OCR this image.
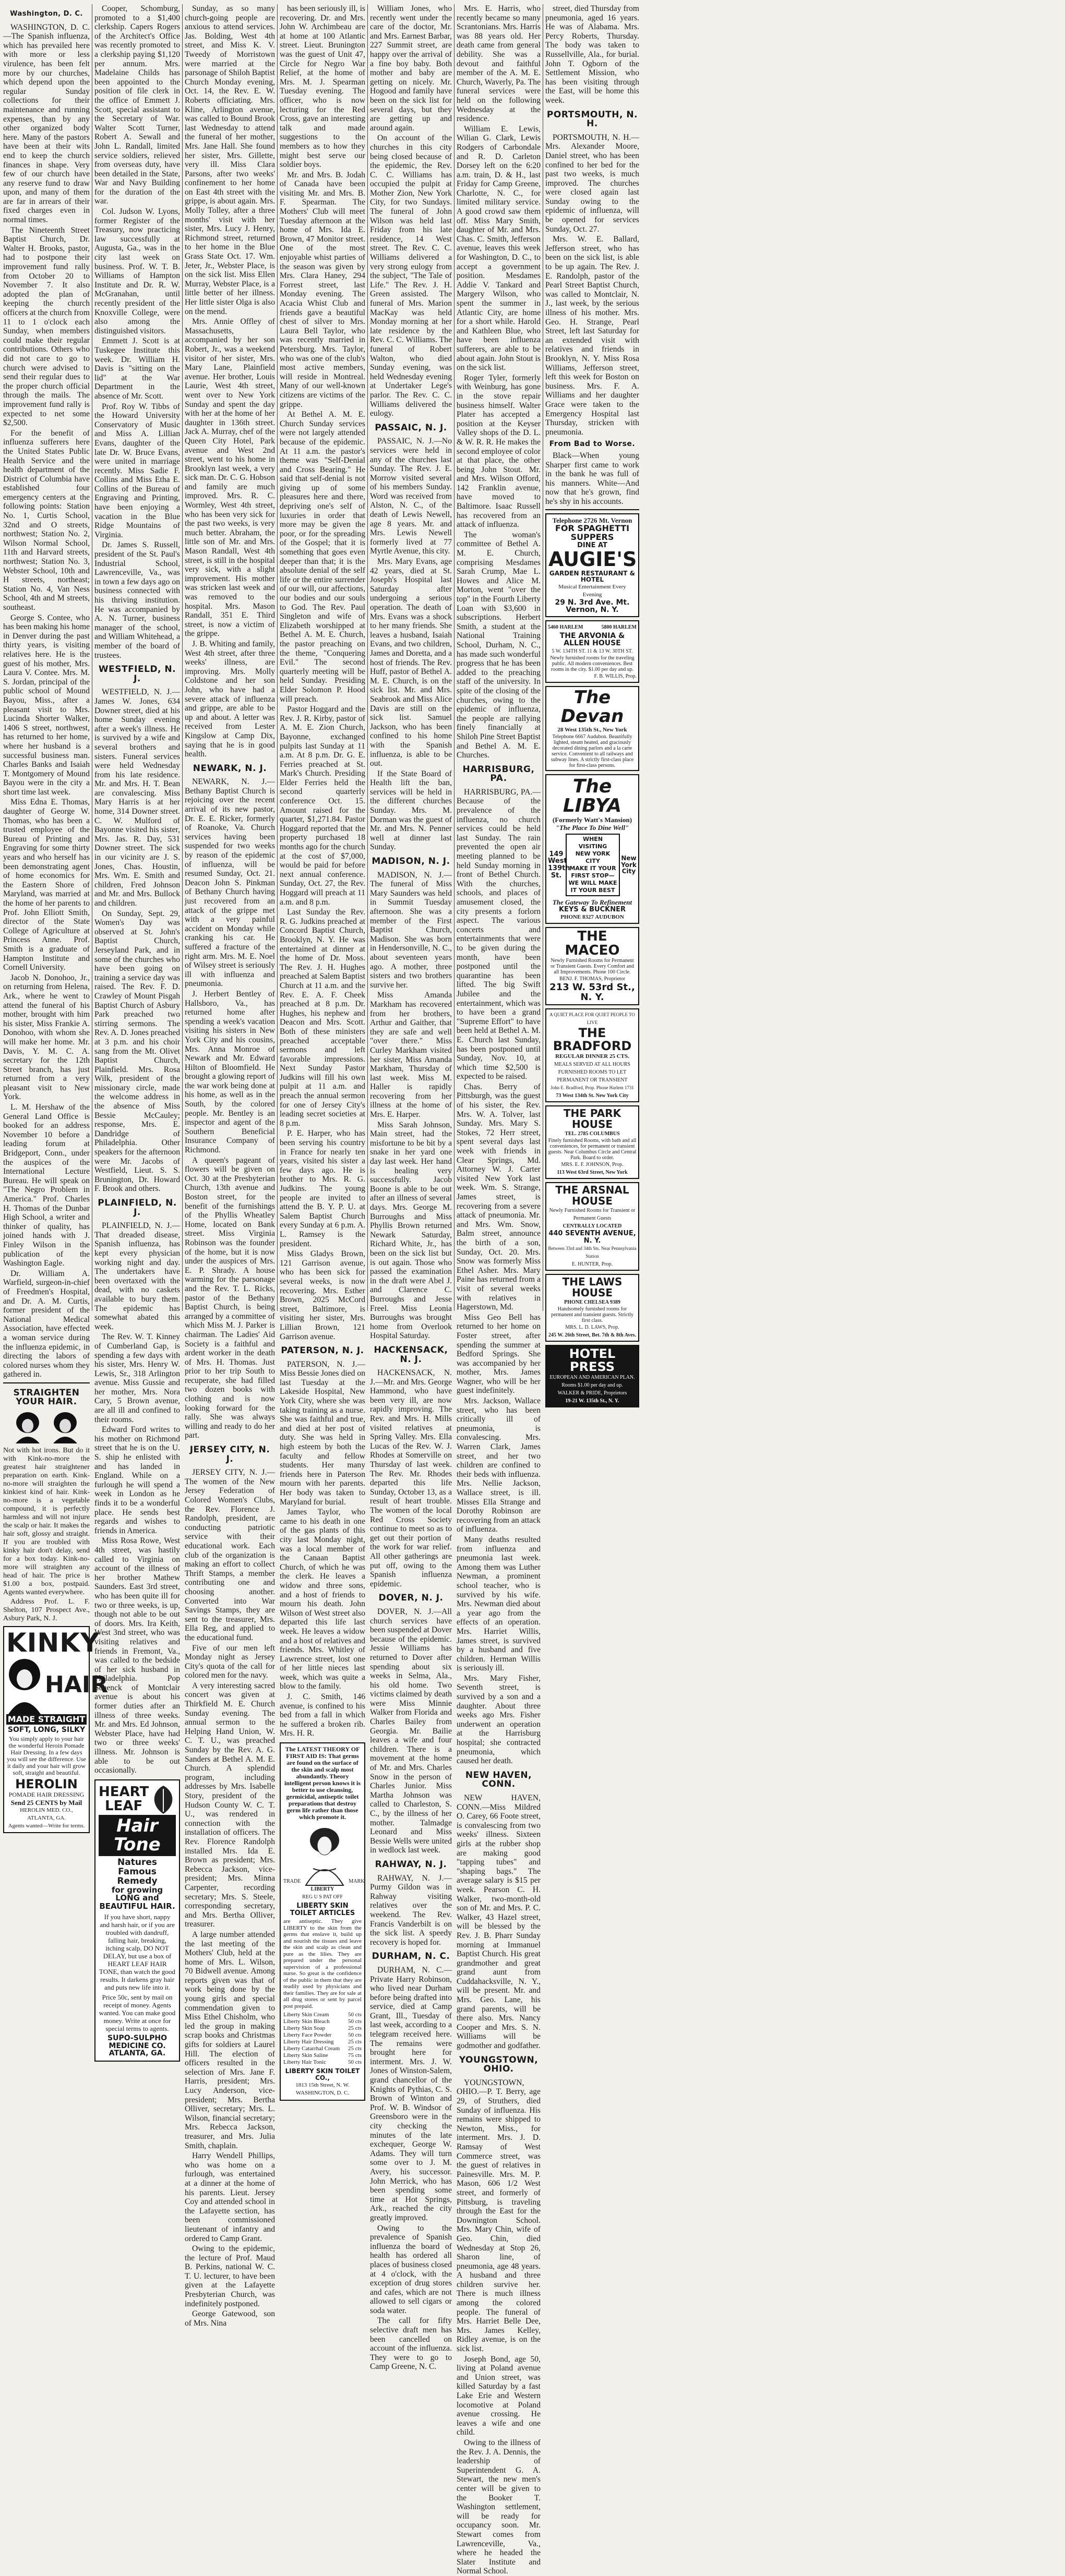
Washington, D. C.

WASHINGTON, D. C.—The Spanish influenza, which has prevailed here with more or less virulence, has been felt more by our churches, which depend upon the regular Sunday collections for their maintenance and running expenses, than by any other organized body here. Many of the pastors have been at their wits end to keep the church finances in shape. Very few of our church have any reserve fund to draw upon, and many of them are far in arrears of their fixed charges even in normal times.

The Nineteenth Street Baptist Church, Dr. Walter H. Brooks, pastor, had to postpone their improvement fund rally from October 20 to November 7. It also adopted the plan of keeping the church officers at the church from 11 to 1 o'clock each Sunday, when members could make their regular contributions. Others who did not care to go to church were advised to send their regular dues to the proper church official through the mails. The improvement fund rally is expected to net some $2,500.

For the benefit of influenza sufferers here the United States Public Health Service and the health department of the District of Columbia have established four emergency centers at the following points: Station No. 1, Curtis School, 32nd and O streets, northwest; Station No. 2, Wilson Normal School, 11th and Harvard streets, northwest; Station No. 3, Webster School, 10th and H streets, northeast; Station No. 4, Van Ness School, 4th and M streets, southeast.

George S. Contee, who has been making his home in Denver during the past thirty years, is visiting relatives here. He is the guest of his mother, Mrs. Laura V. Contee. Mrs. M. S. Jordan, principal of the public school of Mound Bayou, Miss., after a pleasant visit to Mrs. Lucinda Shorter Walker, 1406 S street, northwest, has returned to her home, where her husband is a successful business man. Charles Banks and Isaiah T. Montgomery of Mound Bayou were in the city a short time last week.

Miss Edna E. Thomas, daughter of George W. Thomas, who has been a trusted employee of the Bureau of Printing and Engraving for some thirty years and who herself has been demonstrating agent of home economics for the Eastern Shore of Maryland, was married at the home of her parents to Prof. John Elliott Smith, director of the State College of Agriculture at Princess Anne. Prof. Smith is a graduate of Hampton Institute and Cornell University.

Jacob N. Donohoo, Jr., on returning from Helena, Ark., where he went to attend the funeral of his mother, brought with him his sister, Miss Frankie A. Donohoo, with whom she will make her home. Mr. Davis, Y. M. C. A. secretary for the 12th Street branch, has just returned from a very pleasant visit to New York.

L. M. Hershaw of the General Land Office is booked for an address November 10 before a leading forum at Bridgeport, Conn., under the auspices of the International Lecture Bureau. He will speak on "The Negro Problem in America." Prof. Charles H. Thomas of the Dunbar High School, a writer and thinker of quality, has joined hands with J. Finley Wilson in the publication of the Washington Eagle.

Dr. William A. Warfield, surgeon-in-chief of Freedmen's Hospital, and Dr. A. M. Curtis, former president of the National Medical Association, have effected a woman service during the influenza epidemic, in directing the labors of colored nurses whom they gathered in.

STRAIGHTEN YOUR HAIR.

Not with hot irons. But do it with Kink-no-more the greatest hair straightener preparation on earth. Kink-no-more will straighten the kinkiest kind of hair. Kink-no-more is a vegetable compound, it is perfectly harmless and will not injure the scalp or hair. It makes the hair soft, glossy and straight. If you are troubled with kinky hair don't delay, send for a box today. Kink-no-more will straighten any head of hair. The price is $1.00 a box, postpaid. Agents wanted everywhere.

Address Prof. L. F. Shelton, 107 Prospect Ave., Asbury Park, N. J.

KINKY
HAIR
MADE STRAIGHT
SOFT, LONG, SILKY
You simply apply to your hair the wonderful Heroin Pomade Hair Dressing. In a few days you will see the difference. Use it daily and your hair will grow soft, straight and beautiful.
HEROLIN
POMADE HAIR DRESSING
Send 25 CENTS by Mail
HEROLIN MED. CO., ATLANTA, GA.
Agents wanted—Write for terms.

Cooper, Schomburg, promoted to a $1,400 clerkship. Capers Rogers of the Architect's Office was recently promoted to a clerkship paying $1,120 per annum. Mrs. Madelaine Childs has been appointed to the position of file clerk in the office of Emmett J. Scott, special assistant to the Secretary of War. Walter Scott Turner, Robert A. Sewall and John L. Randall, limited service soldiers, relieved from overseas duty, have been detailed in the State, War and Navy Building for the duration of the war.

Col. Judson W. Lyons, former Register of the Treasury, now practicing law successfully at Augusta, Ga., was in the city last week on business. Prof. W. T. B. Williams of Hampton Institute and Dr. R. W. McGranahan, until recently president of the Knoxville College, were also among the distinguished visitors.

Emmett J. Scott is at Tuskegee Institute this week. Dr. William H. Davis is "sitting on the lid" at the War Department in the absence of Mr. Scott.

Prof. Roy W. Tibbs of the Howard University Conservatory of Music and Miss A. Lillian Evans, daughter of the late Dr. W. Bruce Evans, were united in marriage recently. Miss Sadie F. Collins and Miss Etha E. Collins of the Bureau of Engraving and Printing, have been enjoying a vacation in the Blue Ridge Mountains of Virginia.

Dr. James S. Russell, president of the St. Paul's Industrial School, Lawrenceville, Va., was in town a few days ago on business connected with his thriving institution. He was accompanied by A. N. Turner, business manager of the school, and William Whitehead, a member of the board of trustees.

WESTFIELD, N. J.

WESTFIELD, N. J.—James W. Jones, 634 Downer street, died at his home Sunday evening after a week's illness. He is survived by a wife and several brothers and sisters. Funeral services were held Wednesday from his late residence. Mr. and Mrs. H. T. Bean are convalescing. Miss Mary Harris is at her home, 314 Downer street. C. W. Mulford of Bayonne visited his sister, Mrs. Jas. R. Day, 531 Downer street. The sick in our vicinity are J. S. Jones, Chas. Houstin, Mrs. Wm. E. Smith and children, Fred Johnson and Mr. and Mrs. Bullock and children.

On Sunday, Sept. 29, Women's Day was observed at St. John's Baptist Church, Jerseyland Park, and in some of the churches who have been going on training a service day was raised. The Rev. F. D. Crawley of Mount Pisgah Baptist Church of Asbury Park preached two stirring sermons. The Rev. A. D. Jones preached at 3 p.m. and his choir sang from the Mt. Olivet Baptist Church, Plainfield. Mrs. Rosa Wilk, president of the missionary circle, made the welcome address in the absence of Miss Bessie McCauley; response, Mrs. E. Dandridge of Philadelphia. Other speakers for the afternoon were Mr. Jacobs of Westfield, Lieut. S. S. Brunington, Dr. Howard F. Brook and others.

PLAINFIELD, N. J.

PLAINFIELD, N. J.—That dreaded disease, Spanish influenza, has kept every physician working night and day. The undertakers have been overtaxed with the dead, with no caskets available to bury them. The epidemic has somewhat abated this week.

The Rev. W. T. Kinney of Cumberland Gap, is spending a few days with his sister, Mrs. Henry W. Lewis, Sr., 318 Arlington avenue. Miss Gussie and her mother, Mrs. Nora Cary, 5 Brown avenue, are all ill and confined to their rooms.

Edward Ford writes to his mother on Richmond street that he is on the U. S. ship he enlisted with and has landed in England. While on a furlough he will spend a week in London as he finds it to be a wonderful place. He sends best regards and wishes to friends in America.

Miss Rosa Rowe, West 4th street, was hastily called to Virginia on account of the illness of her brother Mathew Saunders. East 3rd street, who has been quite ill for two or three weeks, is up, though not able to be out of doors. Mrs. Ira Keith, West 3nd street, who was visiting relatives and friends in Fremont, Va., was called to the bedside of her sick husband in Philadelphia. Pop Schenck of Montclair avenue is about his former duties after an illness of three weeks. Mr. and Mrs. Ed Johnson, Webster Place, have had two or three weeks' illness. Mr. Johnson is able to be out occasionally.

HEART
LEAF
Hair Tone
Natures Famous Remedy
for growing LONG and BEAUTIFUL HAIR.
If you have short, nappy and harsh hair, or if you are troubled with dandruff, falling hair, breaking, itching scalp, DO NOT DELAY, but use a box of HEART LEAF HAIR TONE, than watch the good results. It darkens gray hair and puts new life into it.
Price 50c, sent by mail on receipt of money. Agents wanted. You can make good money. Write at once for special terms to agents.
SUPO-SULPHO MEDICINE CO.
ATLANTA, GA.

Sunday, as so many church-going people are anxious to attend services. Jas. Bolding, West 4th street, and Miss K. V. Tweedy of Morristown were married at the parsonage of Shiloh Baptist Church Monday evening, Oct. 14, the Rev. E. W. Roberts officiating. Mrs. Kline, Arlington avenue, was called to Bound Brook last Wednesday to attend the funeral of her mother, Mrs. Jane Hall. She found her sister, Mrs. Gillette, very ill. Miss Clara Parsons, after two weeks' confinement to her home on East 4th street with the grippe, is about again. Mrs. Molly Tolley, after a three months' visit with her sister, Mrs. Lucy J. Henry, Richmond street, returned to her home in the Blue Grass State Oct. 17. Wm. Jeter, Jr., Webster Place, is on the sick list. Miss Ellen Murray, Webster Place, is a little better of her illness. Her little sister Olga is also on the mend.

Mrs. Annie Offley of Massachusetts, accompanied by her son Robert, Jr., was a weekend visitor of her sister, Mrs. Mary Lane, Plainfield avenue. Her brother, Louis Laurie, West 4th street, went over to New York Sunday and spent the day with her at the home of her daughter in 136th street. Jack A. Murray, chef of the Queen City Hotel, Park avenue and West 2nd street, went to his home in Brooklyn last week, a very sick man. Dr. C. G. Hobson and family are much improved. Mrs. R. C. Wormley, West 4th street, who has been very sick for the past two weeks, is very much better. Abraham, the little son of Mr. and Mrs. Mason Randall, West 4th street, is still in the hospital very sick, with a slight improvement. His mother was stricken last week and was removed to the hospital. Mrs. Mason Randall, 351 E. Third street, is now a victim of the grippe.

J. B. Whiting and family, West 4th street, after three weeks' illness, are improving. Mrs. Molly Coldstone and her son John, who have had a severe attack of influenza and grippe, are able to be up and about. A letter was received from Lester Kingslow at Camp Dix, saying that he is in good health.

NEWARK, N. J.

NEWARK, N. J.—Bethany Baptist Church is rejoicing over the recent arrival of its new pastor, Dr. E. E. Ricker, formerly of Roanoke, Va. Church services having been suspended for two weeks by reason of the epidemic of influenza, will be resumed Sunday, Oct. 21. Deacon John S. Pinkman of Bethany Church having just recovered from an attack of the grippe met with a very painful accident on Monday while cranking his car. He suffered a fracture of the right arm. Mrs. M. E. Noel of Wilsey street is seriously ill with influenza and pneumonia.

J. Herbert Bentley of Hallsboro, Va., has returned home after spending a week's vacation visiting his sisters in New York City and his cousins, Mrs. Anna Monroe of Newark and Mr. Edward Hilton of Bloomfield. He brought a glowing report of the war work being done at his home, as well as in the South, by the colored people. Mr. Bentley is an inspector and agent of the Southern Beneficial Insurance Company of Richmond.

A queen's pageant of flowers will be given on Oct. 30 at the Presbyterian Church, 13th avenue and Boston street, for the benefit of the furnishings of the Phyllis Wheatley Home, located on Bank street. Miss Virginia Robinson was the founder of the home, but it is now under the auspices of Mrs. E. P. Shrady. A house warming for the parsonage and the Rev. T. L. Ricks, pastor of the Bethany Baptist Church, is being arranged by a committee of which Miss M. J. Parker is chairman. The Ladies' Aid Society is a faithful and ardent worker in the death of Mrs. H. Thomas. Just prior to her trip South to recuperate, she had filled two dozen books with clothing and is now looking forward for the rally. She was always willing and ready to do her part.

JERSEY CITY, N. J.

JERSEY CITY, N. J.—The women of the New Jersey Federation of Colored Women's Clubs, the Rev. Florence J. Randolph, president, are conducting patriotic service with their educational work. Each club of the organization is making an effort to collect Thrift Stamps, a member contributing one and choosing another. Converted into War Savings Stamps, they are sent to the treasurer, Mrs. Ella Reg, and applied to the educational fund.

Five of our men left Monday night as Jersey City's quota of the call for colored men for the navy.

A very interesting sacred concert was given at Thirkfield M. E. Church Sunday evening. The annual sermon to the Helping Hand Union, W. C. T. U., was preached Sunday by the Rev. A. G. Sanders at Bethel A. M. E. Church. A splendid program, including addresses by Mrs. Isabelle Story, president of the Hudson County W. C. T. U., was rendered in connection with the installation of officers. The Rev. Florence Randolph installed Mrs. Ida E. Brown as president; Mrs. Rebecca Jackson, vice-president; Mrs. Minna Carpenter, recording secretary; Mrs. S. Steele, corresponding secretary, and Mrs. Bertha Olliver, treasurer.

A large number attended the last meeting of the Mothers' Club, held at the home of Mrs. L. Wilson, 70 Bidwell avenue. Among reports given was that of work being done by the young girls and special commendation given to Miss Ethel Chisholm, who led the group in making scrap books and Christmas gifts for soldiers at Laurel Hill. The election of officers resulted in the selection of Mrs. Jane F. Harris, president; Mrs. Lucy Anderson, vice-president; Mrs. Bertha Olliver, secretary; Mrs. L. Wilson, financial secretary; Mrs. Rebecca Jackson, treasurer, and Mrs. Julia Smith, chaplain.

Harry Wendell Phillips, who was home on a furlough, was entertained at a dinner at the home of his parents. Lieut. Jersey Coy and attended school in the Lafayette section, has been commissioned lieutenant of infantry and ordered to Camp Grant.

Owing to the epidemic, the lecture of Prof. Maud B. Perkins, national W. C. T. U. lecturer, to have been given at the Lafayette Presbyterian Church, was indefinitely postponed.

George Gatewood, son of Mrs. Nina

has been seriously ill, is recovering. Dr. and Mrs. John W. Archimbeau are at home at 100 Atlantic street. Lieut. Brunington was the guest of Unit 47, Circle for Negro War Relief, at the home of Mrs. M. J. Spearman Tuesday evening. The officer, who is now lecturing for the Red Cross, gave an interesting talk and made suggestions to the members as to how they might best serve our soldier boys.

Mr. and Mrs. B. Jodah of Canada have been visiting Mr. and Mrs. B. F. Spearman. The Mothers' Club will meet Tuesday afternoon at the home of Mrs. Ida E. Brown, 47 Monitor street. One of the most enjoyable whist parties of the season was given by Mrs. Clara Haney, 294 Forrest street, last Monday evening. The Acacia Whist Club and friends gave a beautiful chest of silver to Mrs. Laura Bell Taylor, who was recently married in Petersburg. Mrs. Taylor, who was one of the club's most active members, will reside in Montreal. Many of our well-known citizens are victims of the grippe.

At Bethel A. M. E. Church Sunday services were not largely attended because of the epidemic. At 11 a.m. the pastor's theme was "Self-Denial and Cross Bearing." He said that self-denial is not giving up of some pleasures here and there, depriving one's self of luxuries in order that more may be given the poor, or for the spreading of the Gospel; that it is something that goes even deeper than that; it is the absolute denial of the self life or the entire surrender of our will, our affections, our bodies and our souls to God. The Rev. Paul Singleton and wife of Elizabeth worshipped at Bethel A. M. E. Church, the pastor preaching on the theme, "Conquering Evil." The second quarterly meeting will be held Sunday. Presiding Elder Solomon P. Hood will preach.

Pastor Hoggard and the Rev. J. R. Kirby, pastor of A. M. E. Zion Church, Bayonne, exchanged pulpits last Sunday at 11 a.m. At 8 p.m. Dr. G. E. Ferries preached at St. Mark's Church. Presiding Elder Ferries held the second quarterly conference Oct. 15. Amount raised for the quarter, $1,271.84. Pastor Hoggard reported that the property purchased 18 months ago for the church at the cost of $7,000, would be paid for before next annual conference. Sunday, Oct. 27, the Rev. Hoggard will preach at 11 a.m. and 8 p.m.

Last Sunday the Rev. R. G. Judkins preached at Concord Baptist Church, Brooklyn, N. Y. He was entertained at dinner at the home of Dr. Moss. The Rev. J. H. Hughes preached at Salem Baptist Church at 11 a.m. and the Rev. E. A. F. Cheek preached at 8 p.m. Dr. Hughes, his nephew and Deacon and Mrs. Scott. Both of these ministers preached acceptable sermons and left favorable impressions. Next Sunday Pastor Judkins will fill his own pulpit at 11 a.m. and preach the annual sermon for one of Jersey City's leading secret societies at 8 p.m.

P. E. Harper, who has been serving his country in France for nearly ten years, visited his sister a few days ago. He is brother to Mrs. R. G. Judkins. The young people are invited to attend the B. Y. P. U. at Salem Baptist Church every Sunday at 6 p.m. A. L. Ramsey is the president.

Miss Gladys Brown, 121 Garrison avenue, who has been sick for several weeks, is now recovering. Mrs. Esther Brown, 2025 McCord street, Baltimore, is visiting her sister, Mrs. Lillian Brown, 121 Garrison avenue.

PATERSON, N. J.

PATERSON, N. J.—Miss Bessie Jones died on last Tuesday at the Lakeside Hospital, New York City, where she was taking training as a nurse. She was faithful and true, and died at her post of duty. She was held in high esteem by both the faculty and fellow students. Her many friends here in Paterson mourn with her parents. Her body was taken to Maryland for burial.

James Taylor, who came to his death in one of the gas plants of this city last Monday night, was a local member of the Canaan Baptist Church, of which he was the clerk. He leaves a widow and three sons, and a host of friends to mourn his death. John Wilson of West street also departed this life last week. He leaves a widow and a host of relatives and friends. Mrs. Whitley of Lawrence street, lost one of her little nieces last week, which was quite a blow to the family.

J. C. Smith, 146 avenue, is confined to his bed from a fall in which he suffered a broken rib. Mrs. H. R.

The LATEST THEORY OF FIRST AID IS: That germs are found on the surface of the skin and scalp most abundantly. Theory intelligent person knows it is better to use cleansing, germicidal, antiseptic toilet preparations that destroy germ life rather than those which promote it.
TRADE	MARK
LIBERTY
REG U S PAT OFF
LIBERTY SKIN TOILET ARTICLES
are antiseptic. They give LIBERTY to the skin from the germs that enslave it, build up and nourish the tissues and leave the skin and scalp as clean and pure as the lilies. They are prepared under the personal supervision of a professional nurse. So great is the confidence of the public in them that they are readily used by physicians and their families. They are for sale at all drug stores or sent by parcel post prepaid.
Liberty Skin Cream	50 cts
Liberty Skin Bleach	50 cts
Liberty Skin Soap	25 cts
Liberty Face Powder	50 cts
Liberty Hair Dressing 25 cts
Liberty Catarrhal Cream 25 cts
Liberty Skin Saline	75 cts
Liberty Hair Tonic	50 cts
LIBERTY SKIN TOILET CO.,
1813 15th Street, N. W.
WASHINGTON, D. C.

William Jones, who recently went under the care of the doctor, Mr. and Mrs. Earnest Barbar, 227 Summit street, are happy over the arrival of a fine boy baby. Both mother and baby are getting on nicely. Mr. Hogood and family have been on the sick list for several days, but they are getting up and around again.

On account of the churches in this city being closed because of the epidemic, the Rev. C. C. Williams has occupied the pulpit at Mother Zion, New York City, for two Sundays. The funeral of John Wilson was held last Friday from his late residence, 14 West street. The Rev. C. C. Williams delivered a very strong eulogy from the subject, "The Tale of Life." The Rev. J. H. Green assisted. The funeral of Mrs. Marion MacKay was held Monday morning at her late residence by the Rev. C. C. Williams. The funeral of Robert Walton, who died Sunday evening, was held Wednesday evening at Undertaker Lege's parlor. The Rev. C. C. Williams delivered the eulogy.

PASSAIC, N. J.

PASSAIC, N. J.—No services were held in any of the churches last Sunday. The Rev. J. E. Morrow visited several of his members Sunday. Word was received from Alston, N. C., of the death of Lewis Newell, age 8 years. Mr. and Mrs. Lewis Newell formerly lived at 77 Myrtle Avenue, this city.

Mrs. Mary Evans, age 42 years, died at St. Joseph's Hospital last Saturday after undergoing a serious operation. The death of Mrs. Evans was a shock to her many friends. She leaves a husband, Isaiah Evans, and two children, James and Doretta, and a host of friends. The Rev. Huff, pastor of Bethel A. M. E. Church, is on the sick list. Mr. and Mrs. Seabrook and Miss Alice Davis are still on the sick list. Samuel Jackson, who has been confined to his home with the Spanish influenza, is able to be out.

If the State Board of Health lift the ban, services will be held in the different churches Sunday. Mrs. M. Dorman was the guest of Mr. and Mrs. N. Penner well at dinner last Sunday.

MADISON, N. J.

MADISON, N. J.—The funeral of Miss Mary Saunders was held in Summit Tuesday afternoon. She was a member of the First Baptist Church, Madison. She was born in Hendersonville, N. C., about seventeen years ago. A mother, three sisters and two brothers survive her.

Miss Amanda Markham has recovered from her brothers, Arthur and Gaither, that they are safe and well "over there." Miss Curley Markham visited her sister, Miss Amanda Markham, Thursday of last week. Miss M. Haller is rapidly recovering from her illness at the home of Mrs. E. Harper.

Miss Sarah Johnson, Main street, had the misfortune to be bit by a snake in her yard one day last week. Her hand is healing very successfully. Jacob Boone is able to be out after an illness of several days. Mrs. George M. Burroughs and Miss Phyllis Brown returned Newark Saturday, Richard White, Jr., has been on the sick list but is out again. Those who passed the examination in the draft were Abel J. and Clarence C. Burroughs and Jesse Freel. Miss Leonia Burroughs was brought home from Overlook Hospital Saturday.

HACKENSACK, N. J.

HACKENSACK, N. J.—Mr. and Mrs. George Hammond, who have been very ill, are now rapidly improving. The Rev. and Mrs. H. Mills visited relatives at Spring Valley. Mrs. Ella Lucas of the Rev. W. J. Rhodes at Somerville on Thursday of last week. The Rev. Mr. Rhodes departed this life Sunday, October 13, as a result of heart trouble. The women of the local Red Cross Society continue to meet so as to get out their portion of the work for war relief. All other gatherings are put off, owing to the Spanish influenza epidemic.

DOVER, N. J.

DOVER, N. J.—All church services have been suspended at Dover because of the epidemic. Jessie Williams has returned to Dover after spending about six weeks in Selma, Ala., his old home. Two victims claimed by death were Miss Minnie Walker from Florida and Charles Bailey from Georgia. Mr. Bailie leaves a wife and four children. There is a movement at the home of Mr. and Mrs. Charles Snow in the person of Charles Junior. Miss Martha Johnson was called to Charleston, S. C., by the illness of her mother. Talmadge Leonard and Miss Bessie Wells were united in wedlock last week.

RAHWAY, N. J.

RAHWAY, N. J.—Purmy Gildon was in Rahway visiting relatives over the weekend. The Rev. Francis Vanderbilt is on the sick list. A speedy recovery is hoped for.

DURHAM, N. C.

DURHAM, N. C.—Private Harry Robinson, who lived near Durham before being drafted into service, died at Camp Grant, Ill., Tuesday of last week, according to a telegram received here. The remains were brought here for interment. Mrs. J. W. Jones of Winston-Salem, grand chancellor of the Knights of Pythias, C. S. Brown of Winton and Prof. W. B. Windsor of Greensboro were in the city checking the minutes of the late exchequer, George W. Adams. They will turn some over to J. M. Avery, his successor. John Merrick, who has been spending some time at Hot Springs, Ark., reached the city greatly improved.

Owing to the prevalence of Spanish influenza the board of health has ordered all places of business closed at 4 o'clock, with the exception of drug stores and cafes, which are not allowed to sell cigars or soda water.

The call for fifty selective draft men has been cancelled on account of the influenza. They were to go to Camp Greene, N. C.

Mrs. E. Harris, who recently became so many Scrantonians. Mrs. Harris was 88 years old. Her death came from general debility. She was a devout and faithful member of the A. M. E. Church, Waverly, Pa. The funeral services were held on the following Wednesday at the residence.

William E. Lewis, Wilian G. Clark, Lewis Rodgers of Carbondale and R. D. Carleton Dorsey left on the 6:20 a.m. train, D. & H., last Friday for Camp Greene, Charlotte, N. C., for limited military service. A good crowd saw them off. Miss Mary Smith, daughter of Mr. and Mrs. Chas. C. Smith, Jefferson avenue, leaves this week for Washington, D. C., to accept a government position. Mesdames Addie V. Tankard and Margery Wilson, who spent the summer in Atlantic City, are home for a short while. Harold and Kathleen Blue, who have been influenza sufferers, are able to be about again. John Stout is on the sick list.

Roger Tyler, formerly with Weinburg, has gone in the stove repair business himself. Walter Plater has accepted a position at the Keyser Valley shops of the D. L. & W. R. R. He makes the second employee of color at that place, the other being John Stout. Mr. and Mrs. Wilson Offord, 142 Franklin avenue, have moved to Baltimore. Isaac Russell has recovered from an attack of influenza.

The woman's committee of Bethel A. M. E. Church, comprising Mesdames Sarah Crump, Mae L. Howes and Alice M. Morton, went "over the top" in the Fourth Liberty Loan with $3,600 in subscriptions. Herbert Smith, a student at the National Training School, Durham, N. C., has made such wonderful progress that he has been added to the preaching staff of the university. In spite of the closing of the churches, owing to the epidemic of influenza, the people are rallying finely financially at Shiloh Pine Street Baptist and Bethel A. M. E. Churches.

HARRISBURG, PA.

HARRISBURG, PA.—Because of the prevalence of the influenza, no church services could be held last Sunday. The rain prevented the open air meeting planned to be held Sunday morning in front of Bethel Church. With the churches, schools, and places of amusement closed, the city presents a forlorn aspect. The various concerts and entertainments that were to be given during the month, have been postponed until the quarantine has been lifted. The big Swift Jubilee and the entertainment, which was to have been a grand "Supreme Effort" to have been held at Bethel A. M. E. Church last Sunday, has been postponed until Sunday, Nov. 10, at which time $2,500 is expected to be raised.

Chas. Berry of Pittsburgh, was the guest of his sister, the Rev. Mrs. W. A. Tolver, last Sunday. Mrs. Mary S. Stokes, 72 Herr street, spent several days last week with friends in Clear Springs, Md. Attorney W. J. Carter visited New York last week. Wm. S. Strange, James street, is recovering from a severe attack of pneumonia. Mr. and Mrs. Wm. Snow, Balm street, announce the birth of a son, Sunday, Oct. 20. Mrs. Snow was formerly Miss Ethel Asher. Mrs. Mary Paine has returned from a visit of several weeks with relatives in Hagerstown, Md.

Miss Geo Bell has returned to her home on Foster street, after spending the summer at Bedford Springs. She was accompanied by her mother, Mrs. James Wagner, who will be her guest indefinitely.

Mrs. Jackson, Wallace street, who has been critically ill of pneumonia, is convalescing. Mrs. Warren Clark, James street, and her two children are confined to their beds with influenza. Mrs. Nellie Jackson, Wallace street, is ill. Misses Ella Strange and Dorothy Robinson are recovering from an attack of influenza.

Many deaths resulted from influenza and pneumonia last week. Among them was Luther Newman, a prominent school teacher, who is survived by his wife. Mrs. Newman died about a year ago from the effects of an operation. Mrs. Harriet Willis, James street, is survived by a husband and five children. Herman Willis is seriously ill.

Mrs. Mary Fisher, Seventh street, is survived by a son and a daughter. About three weeks ago Mrs. Fisher underwent an operation at the Harrisburg hospital; she contracted pneumonia, which caused her death.

NEW HAVEN, CONN.

NEW HAVEN, CONN.—Miss Mildred O. Carey, 66 Foote street, is convalescing from two weeks' illness. Sixteen girls at the rubber shop are making good "tapping tubes" and "shaping bags." The average salary is $15 per week. Pearson C. H. Walker, two-month-old son of Mr. and Mrs. P. C. Walker, 43 Hazel street, will be blessed by the Rev. J. B. Pharr Sunday morning at Immanuel Baptist Church. His great grandmother and great grand aunt from Cuddahacksville, N. Y., will be present. Mr. and Mrs. Geo. Lane, his grand parents, will be there also. Mrs. Nancy Cooper and Mrs. S. N. Williams will be godmother and godfather.

YOUNGSTOWN, OHIO.

YOUNGSTOWN, OHIO.—P. T. Berry, age 29, of Struthers, died Sunday of influenza. His remains were shipped to Newton, Miss., for interment. Mrs. J. D. Ramsay of West Commerce street, was the guest of relatives in Painesville. Mrs. M. P. Mason, 606 1/2 West street, and formerly of Pittsburg, is traveling through the East for the Downington School. Mrs. Mary Chin, wife of Geo. Chin, died Wednesday at Stop 26, Sharon line, of pneumonia, age 48 years. A husband and three children survive her. There is much illness among the colored people. The funeral of Mrs. Harriet Belle Dee, Mrs. James Kelley, Ridley avenue, is on the sick list.

Joseph Bond, age 50, living at Poland avenue and Union street, was killed Saturday by a fast Lake Erie and Western locomotive at Poland avenue crossing. He leaves a wife and one child.

Owing to the illness of the Rev. J. A. Dennis, the leadership of Superintendent G. A. Stewart, the new men's center will be given to the Booker T. Washington settlement, will be ready for occupancy soon. Mr. Stewart comes from Lawrenceville, Va., where he headed the Slater Institute and Normal School.

street, died Thursday from pneumonia, aged 16 years. He was of Alabama. Mrs. Percy Roberts, Thursday. The body was taken to Russellville, Ala., for burial. John T. Ogborn of the Settlement Mission, who has been visiting through the East, will be home this week.

PORTSMOUTH, N. H.

PORTSMOUTH, N. H.—Mrs. Alexander Moore, Daniel street, who has been confined to her bed for the past two weeks, is much improved. The churches were closed again last Sunday owing to the epidemic of influenza, will be opened for services Sunday, Oct. 27.

Mrs. W. E. Ballard, Jefferson street, who has been on the sick list, is able to be up again. The Rev. J. E. Randolph, pastor of the Pearl Street Baptist Church, was called to Montclair, N. J., last week, by the serious illness of his mother. Mrs. Geo. H. Strange, Pearl Street, left last Saturday for an extended visit with relatives and friends in Brooklyn, N. Y. Miss Rosa Williams, Jefferson street, left this week for Boston on business. Mrs. F. A. Williams and her daughter Grace were taken to the Emergency Hospital last Thursday, stricken with pneumonia.

From Bad to Worse.

Black—When young Sharper first came to work in the bank he was full of his manners. White—And now that he's grown, find he's shy in his accounts.

Telephone 2726 Mt. Vernon
FOR SPAGHETTI SUPPERS
DINE AT
AUGIE'S
GARDEN RESTAURANT & HOTEL
Musical Entertainment Every Evening
29 N. 3rd Ave. Mt. Vernon, N. Y.
5460 HARLEM	5800 HARLEM
THE ARVONIA & ALLEN HOUSE
5 W. 134TH ST. 11 & 13 W. 30TH ST.
Newly furnished rooms for the traveling public. All modern conveniences. Best rooms in the city. $1.00 per day and up.
F. B. WILLIS, Prop.
The Devan
28 West 135th St., New York
Telephone 6667 Audubon. Beautifully lighted, steam heated, and graciously decorated dining parlors and a la carte service. Convenient to all railways and subway lines. A strictly first-class place for first-class persons.
The LIBYA
(Formerly Watt's Mansion)
"The Place To Dine Well"
149
West
139th
St.
WHEN VISITING
NEW YORK CITY
MAKE IT YOUR
FIRST STOP—
WE WILL MAKE
IT YOUR BEST
New
York
City
The Gateway To Refinement
KEYS & BUCKNER
PHONE 8327 AUDUBON
THE MACEO
Newly Furnished Rooms for Permanent or Transient Guests. Every Comfort and all Improvements. Phone 100 Circle.
BENJ. F. THOMAS, Proprietor
213 W. 53rd St., N. Y.
A QUIET PLACE FOR QUIET PEOPLE TO LIVE
THE BRADFORD
REGULAR DINNER 25 CTS.
MEALS SERVED AT ALL HOURS
FURNISHED ROOMS TO LET
PERMANENT OR TRANSIENT
John E. Bradford, Prop. Phone Harlem 1731
73 West 134th St. New York City
THE PARK HOUSE
TEL. 2785 COLUMBUS
Finely furnished Rooms, with bath and all conveniences, for permanent or transient guests. Near Columbus Circle and Central Park. Board to order.
MRS. E. F. JOHNSON, Prop.
113 West 63rd Street, New York
THE ARSNAL HOUSE
Newly Furnished Rooms for Transient or Permanent Guests
CENTRALLY LOCATED
440 SEVENTH AVENUE, N. Y.
Between 33rd and 34th Sts. Near Pennsylvania Station
E. HUNTER, Prop.
THE LAWS HOUSE
PHONE CHELSEA 9389
Handsomely furnished rooms for permanent and transient guests. Strictly first class.
MRS. L. D. LAWS, Prop.
245 W. 26th Street, Bet. 7th & 8th Aves.
HOTEL PRESS
EUROPEAN AND AMERICAN PLAN. Rooms $1.00 per day and up.
WALKER & PRIDE, Proprietors
19-21 W. 135th St., N. Y.
